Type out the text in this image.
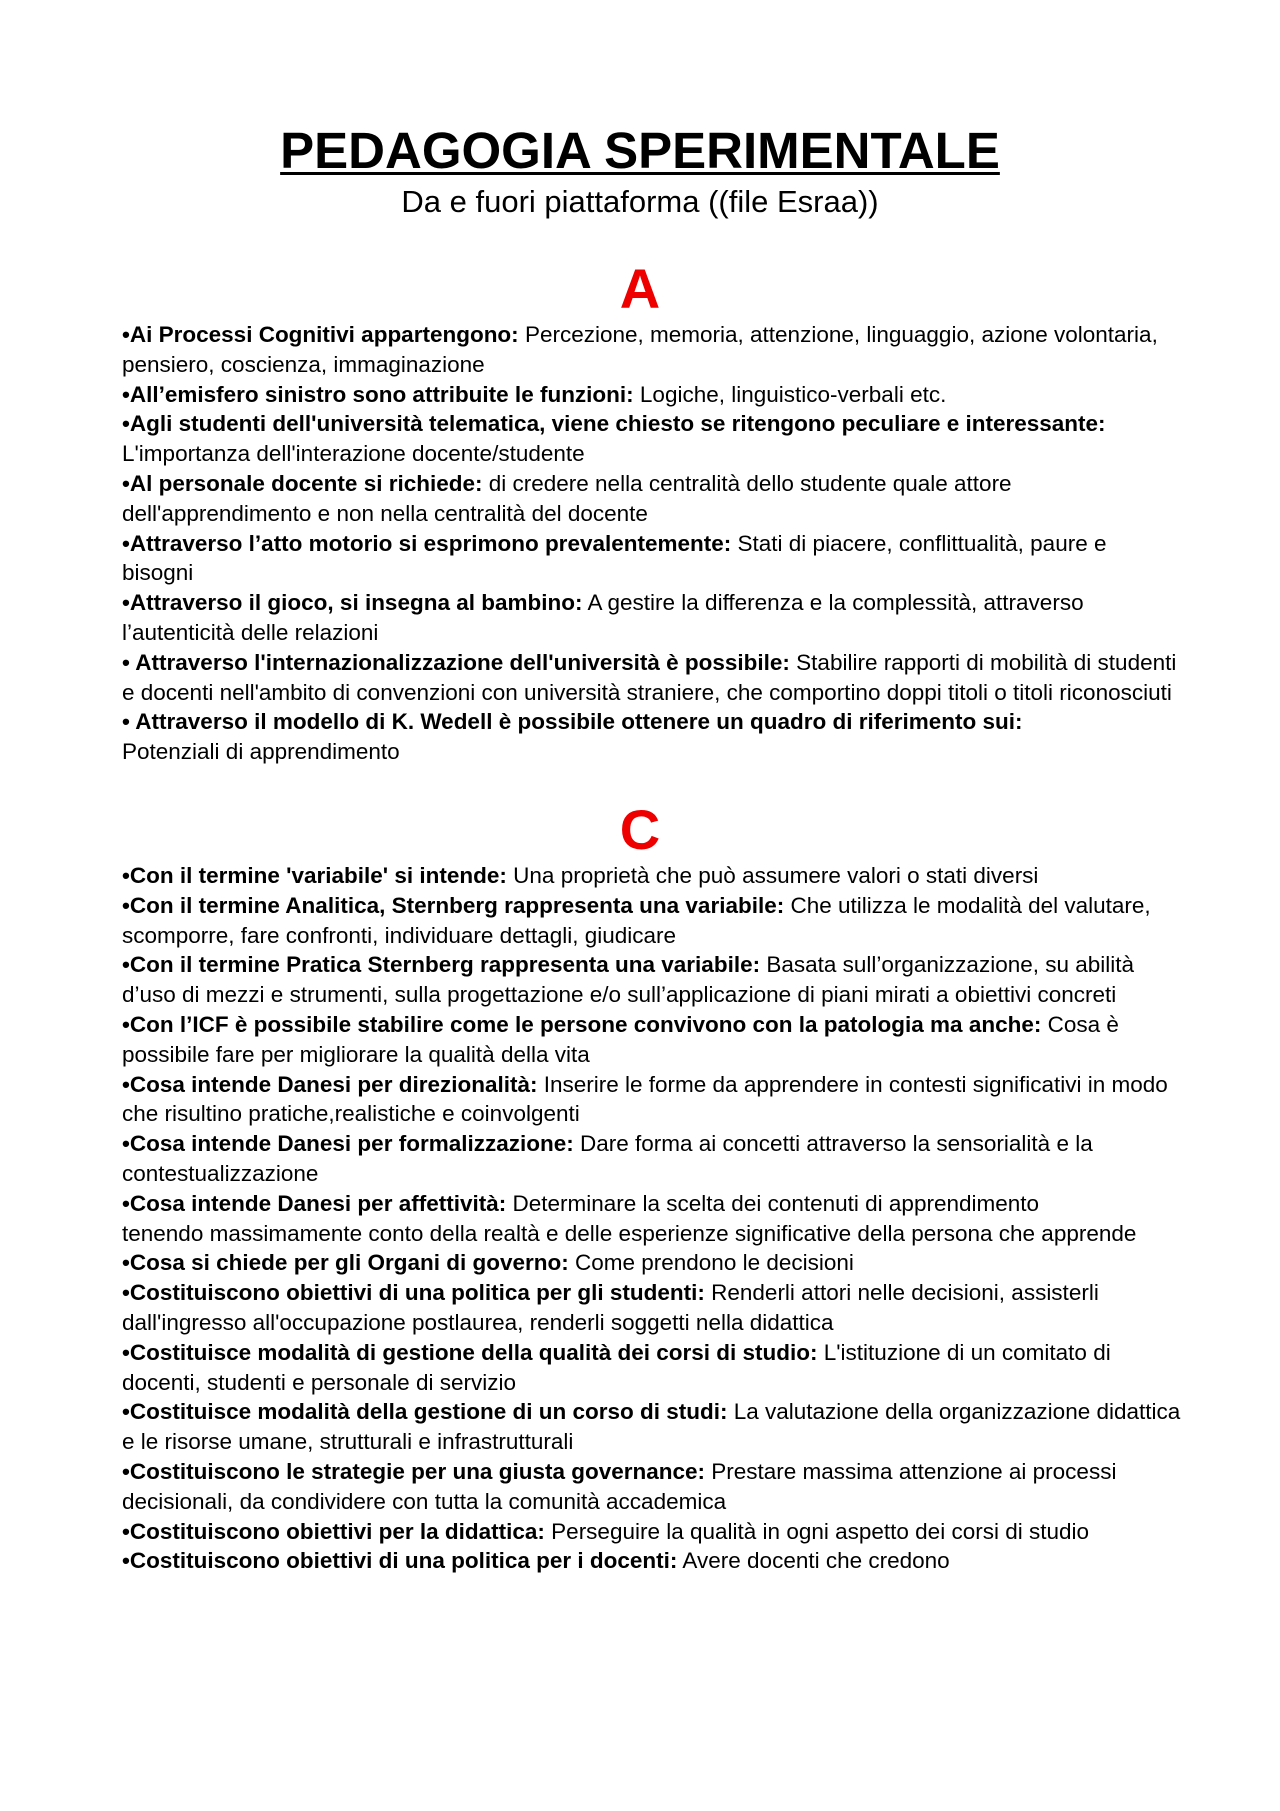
PEDAGOGIA SPERIMENTALE

Da e fuori piattaforma ((file Esraa))

A

•Ai Processi Cognitivi appartengono: Percezione, memoria, attenzione, linguaggio, azione volontaria, pensiero, coscienza, immaginazione

•All’emisfero sinistro sono attribuite le funzioni: Logiche, linguistico-verbali etc.

•Agli studenti dell'università telematica, viene chiesto se ritengono peculiare e interessante: L'importanza dell'interazione docente/studente

•Al personale docente si richiede: di credere nella centralità dello studente quale attore dell'apprendimento e non nella centralità del docente

•Attraverso l’atto motorio si esprimono prevalentemente: Stati di piacere, conflittualità, paure e bisogni

•Attraverso il gioco, si insegna al bambino: A gestire la differenza e la complessità, attraverso l’autenticità delle relazioni

• Attraverso l'internazionalizzazione dell'università è possibile: Stabilire rapporti di mobilità di studenti e docenti nell'ambito di convenzioni con università straniere, che comportino doppi titoli o titoli riconosciuti

• Attraverso il modello di K. Wedell è possibile ottenere un quadro di riferimento sui:
Potenziali di apprendimento

C

•Con il termine 'variabile' si intende: Una proprietà che può assumere valori o stati diversi

•Con il termine Analitica, Sternberg rappresenta una variabile: Che utilizza le modalità del valutare, scomporre, fare confronti, individuare dettagli, giudicare

•Con il termine Pratica Sternberg rappresenta una variabile: Basata sull’organizzazione, su abilità d’uso di mezzi e strumenti, sulla progettazione e/o sull’applicazione di piani mirati a obiettivi concreti

•Con l’ICF è possibile stabilire come le persone convivono con la patologia ma anche: Cosa è possibile fare per migliorare la qualità della vita

•Cosa intende Danesi per direzionalità: Inserire le forme da apprendere in contesti significativi in modo che risultino pratiche,realistiche e coinvolgenti

•Cosa intende Danesi per formalizzazione: Dare forma ai concetti attraverso la sensorialità e la contestualizzazione

•Cosa intende Danesi per affettività: Determinare la scelta dei contenuti di apprendimento
tenendo massimamente conto della realtà e delle esperienze significative della persona che apprende •Cosa si chiede per gli Organi di governo: Come prendono le decisioni

•Costituiscono obiettivi di una politica per gli studenti: Renderli attori nelle decisioni, assisterli dall'ingresso all'occupazione postlaurea, renderli soggetti nella didattica

•Costituisce modalità di gestione della qualità dei corsi di studio: L'istituzione di un comitato di docenti, studenti e personale di servizio

•Costituisce modalità della gestione di un corso di studi: La valutazione della organizzazione didattica e le risorse umane, strutturali e infrastrutturali

•Costituiscono le strategie per una giusta governance: Prestare massima attenzione ai processi decisionali, da condividere con tutta la comunità accademica

•Costituiscono obiettivi per la didattica: Perseguire la qualità in ogni aspetto dei corsi di studio •Costituiscono obiettivi di una politica per i docenti: Avere docenti che credono
